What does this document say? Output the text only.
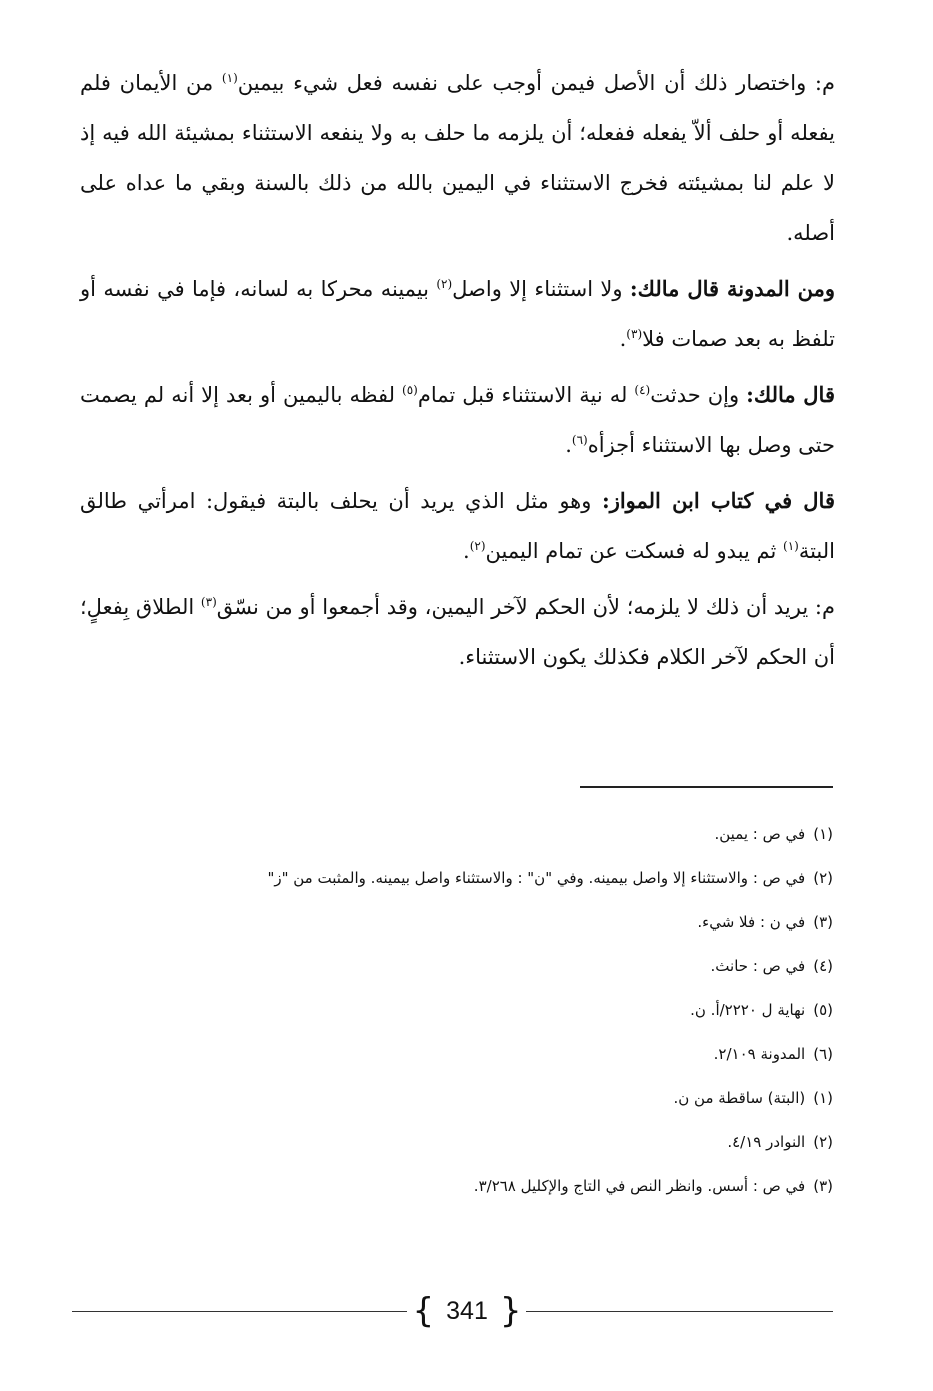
م: واختصار ذلك أن الأصل فيمن أوجب على نفسه فعل شيء بيمين$^{(١)}$ من الأيمان فلم يفعله أو حلف ألاّ يفعله ففعله؛ أن يلزمه ما حلف به ولا ينفعه الاستثناء بمشيئة الله فيه إذ لا علم لنا بمشيئته فخرج الاستثناء في اليمين بالله من ذلك بالسنة وبقي ما عداه على أصله.

ومن المدونة قال مالك: ولا استثناء إلا واصل$^{(٢)}$ بيمينه محركا به لسانه، فإما في نفسه أو تلفظ به بعد صمات فلا$^{(٣)}$.

قال مالك: وإن حدثت$^{(٤)}$ له نية الاستثناء قبل تمام$^{(٥)}$ لفظه باليمين أو بعد إلا أنه لم يصمت حتى وصل بها الاستثناء أجزأه$^{(٦)}$.

قال في كتاب ابن المواز: وهو مثل الذي يريد أن يحلف بالبتة فيقول: امرأتي طالق البتة$^{(١)}$ ثم يبدو له فسكت عن تمام اليمين$^{(٢)}$.

م: يريد أن ذلك لا يلزمه؛ لأن الحكم لآخر اليمين، وقد أجمعوا أو من نسّق$^{(٣)}$ الطلاق بِفعلٍ؛ أن الحكم لآخر الكلام فكذلك يكون الاستثناء.

(١)في ص : يمين.
(٢)في ص : والاستثناء إلا واصل بيمينه. وفي "ن" : والاستثناء واصل بيمينه. والمثبت من "ز"
(٣)في ن : فلا شيء.
(٤)في ص : حانث.
(٥)نهاية ل ٢٢٢٠/أ. ن.
(٦)المدونة ٢/١٠٩.
(١)(البتة) ساقطة من ن.
(٢)النوادر ٤/١٩.
(٣)في ص : أسس. وانظر النص في التاج والإكليل ٣/٢٦٨.
{ 341 }
